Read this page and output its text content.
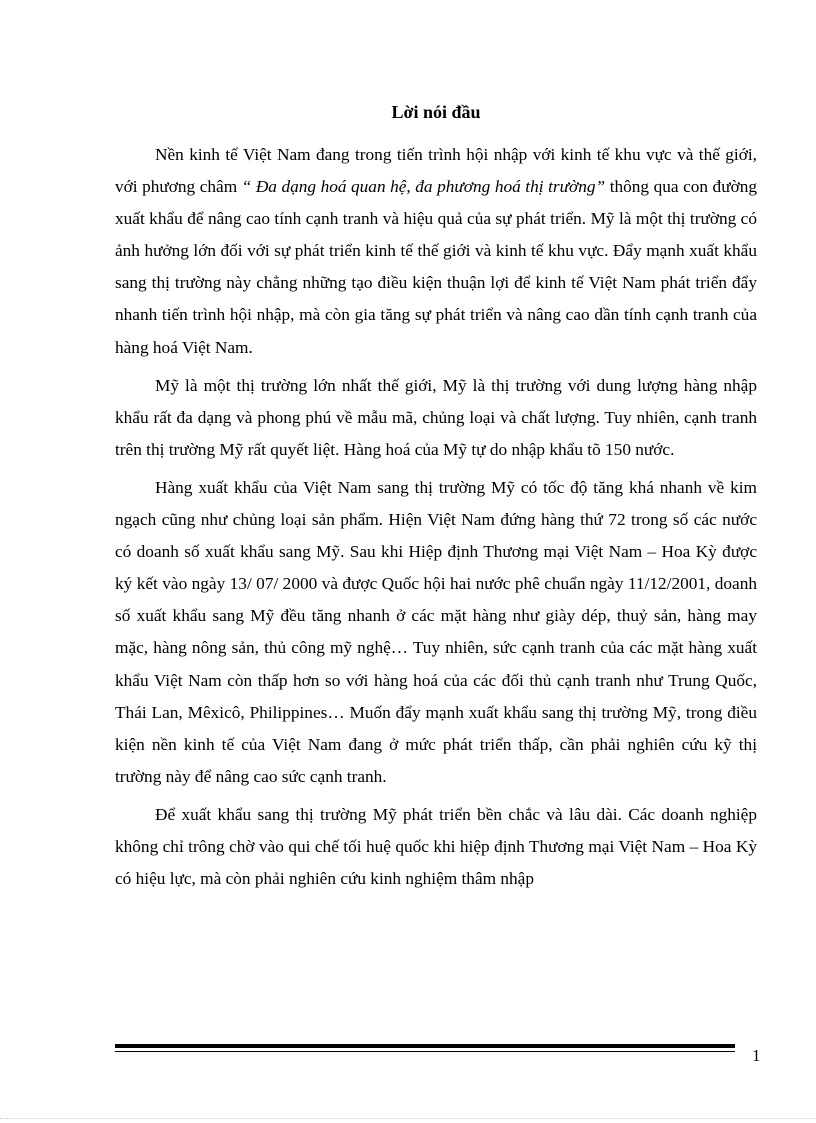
Lời nói đầu

Nền kinh tế Việt Nam đang trong tiến trình hội nhập với kinh tế khu vực và thế giới, với phương châm “ Đa dạng hoá quan hệ, đa phương hoá thị trường” thông qua con đường xuất khẩu để nâng cao tính cạnh tranh và hiệu quả của sự phát triển. Mỹ là một thị trường có ảnh hưởng lớn đối với sự phát triển kinh tế thế giới và kinh tế khu vực. Đẩy mạnh xuất khẩu sang thị trường này chẳng những tạo điều kiện thuận lợi để kinh tế Việt Nam phát triển đẩy nhanh tiến trình hội nhập, mà còn gia tăng sự phát triển và nâng cao dần tính cạnh tranh của hàng hoá Việt Nam.

Mỹ là một thị trường lớn nhất thế giới, Mỹ là thị trường với dung lượng hàng nhập khẩu rất đa dạng và phong phú về mẫu mã, chủng loại và chất lượng. Tuy nhiên, cạnh tranh trên thị trường Mỹ rất quyết liệt. Hàng hoá của Mỹ tự do nhập khẩu tõ 150 nước.

Hàng xuất khẩu của Việt Nam sang thị trường Mỹ có tốc độ tăng khá nhanh về kim ngạch cũng như chủng loại sản phẩm. Hiện Việt Nam đứng hàng thứ 72 trong số các nước có doanh số xuất khẩu sang Mỹ. Sau khi Hiệp định Thương mại Việt Nam – Hoa Kỳ được ký kết vào ngày 13/ 07/ 2000 và được Quốc hội hai nước phê chuẩn ngày 11/12/2001, doanh số xuất khẩu sang Mỹ đều tăng nhanh ở các mặt hàng như giày dép, thuỷ sản, hàng may mặc, hàng nông sản, thủ công mỹ nghệ… Tuy nhiên, sức cạnh tranh của các mặt hàng xuất khẩu Việt Nam còn thấp hơn so với hàng hoá của các đối thủ cạnh tranh như Trung Quốc, Thái Lan, Mêxicô, Philippines… Muốn đẩy mạnh xuất khẩu sang thị trường Mỹ, trong điều kiện nền kinh tế của Việt Nam đang ở mức phát triển thấp, cần phải nghiên cứu kỹ thị trường này để nâng cao sức cạnh tranh.

Để xuất khẩu sang thị trường Mỹ phát triển bền chắc và lâu dài. Các doanh nghiệp không chỉ trông chờ vào qui chế tối huệ quốc khi hiệp định Thương mại Việt Nam – Hoa Kỳ có hiệu lực, mà còn phải nghiên cứu kinh nghiệm thâm nhập

1
